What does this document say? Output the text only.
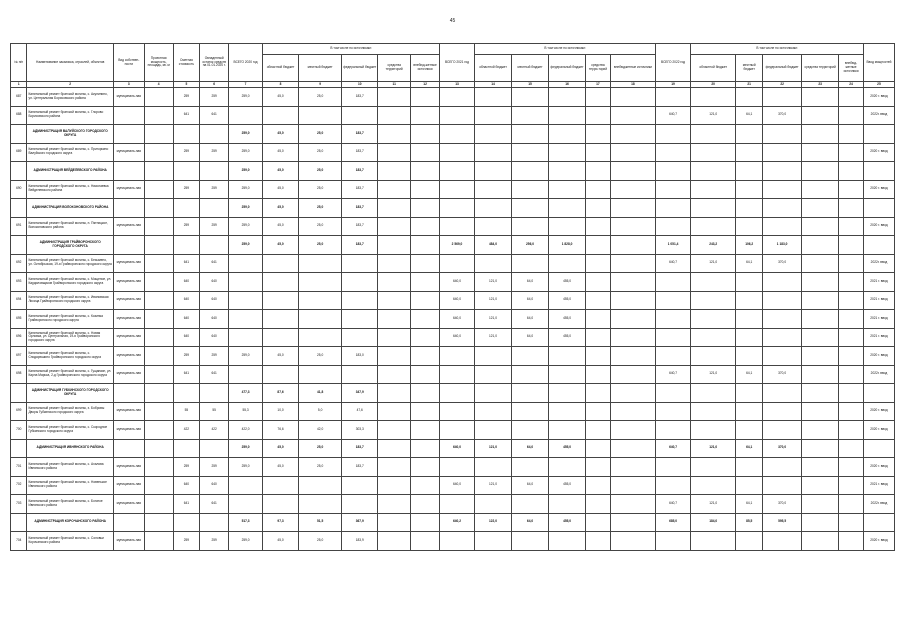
45
№ п/п	Наименование заказчика, отраслей, объектов	Вид собствен-ности	Проектная мощность, площадь, кв. м	Сметная стоимость	Овладенный остаток средств на 01.01.2020 г.	ВСЕГО 2020 год	В том числе по источникам:					ВСЕГО 2021 год	В том числе по источникам:					ВСЕГО 2022 год	В том числе по источникам:					Ввод мощностей
							областной бюджет	местный бюджет	федеральный бюджет	средства территорий	внебюд-жетные источники		областной бюджет	местный бюджет	федеральный бюджет	средства терри-торий	внебюджетные источники		областной бюджет	местный бюджет	федеральный бюджет	средства территорий	внебюд-жетные источники	
1	2	3	4	5	6	7	8	9	10	11	12	13	14	15	16	17	18	19	20	21	22	23	24	25
687	Капитальный ремонт братской могилы, с. Акулинино, ул. Центральная Борисовского района	муниципаль-ная		259	259	259,0	45,0	25,0	183,7															2020 г. ввод
688	Капитальный ремонт братской могилы, с. Глорово Борисовского района			641	641													640,7	121,0	64,1	370,0			2022г. ввод
	АДМИНИСТРАЦИЯ ВАЛУЙСКОГО ГОРОДСКОГО ОКРУГА					259,0	45,0	25,0	183,7															
689	Капитальный ремонт братской могилы, с. Пригоркино Валуйского городского округа	муниципаль-ная		259	259	259,0	45,0	25,0	183,7															2020 г. ввод
	АДМИНИСТРАЦИЯ ВЕЙДЕЛЕВСКОГО РАЙОНА					259,0	45,0	25,0	183,7															
690	Капитальный ремонт братской могилы, с. Николаевка Вейделевского района	муниципаль-ная		259	259	259,0	45,0	25,0	183,7															2020 г. ввод
	АДМИНИСТРАЦИЯ ВОЛОКОНОВСКОГО РАЙОНА					259,0	45,0	25,0	183,7															
691	Капитальный ремонт братской могилы, п. Пятницкое, Волоконовского района	муниципаль-ная		259	259	259,0	45,0	25,0	183,7															2020 г. ввод
	АДМИНИСТРАЦИЯ ГРАЙВОРОНСКОГО ГОРОДСКОГО ОКРУГА					259,0	45,0	25,0	183,7			2 569,0	484,0	256,0	1 828,0			1 051,4	243,2	106,2	1 183,0			
692	Капитальный ремонт братской могилы, с. Безымено, ул. Октябрьская, 19-я Грайворонского городского округа	муниципаль-ная		641	641													640,7	121,0	64,1	370,0			2022г. ввод
693	Капитальный ремонт братской могилы, с. Мощеное, ул. Кардиловщиков Грайворонского городского округа	муниципаль-ная		640	640							640,0	121,0	64,0	455,0									2021 г. ввод
694	Капитальный ремонт братской могилы, с. Ивановская Лисица Грайворонского городского округа	муниципаль-ная		640	640							640,0	121,0	64,0	455,0									2021 г. ввод
695	Капитальный ремонт братской могилы, с. Козинка Грайворонского городского округа	муниципаль-ная		640	640							640,0	121,0	64,0	455,0									2021 г. ввод
696	Капитальный ремонт братской могилы, с. Новая Орловка, ул. Центральная, 19-я Грайворонского городского округа	муниципаль-ная		640	640							640,0	121,0	64,0	455,0									2021 г. ввод
697	Капитальный ремонт братской могилы, с. Сподарюшино Грайворонского городского округа	муниципаль-ная		259	259	259,0	45,0	25,0	183,0															2020 г. ввод
698	Капитальный ремонт братской могилы, с. Гущанкин, ул. Карла Маркса, 2-д Грайворонского городского округа	муниципаль-ная		641	641													640,7	121,0	64,1	370,0			2022г. ввод
	АДМИНИСТРАЦИЯ ГУБКИНСКОГО ГОРОДСКОГО ОКРУГА					477,3	87,6	41,8	347,9															
699	Капитальный ремонт братской могилы, х. Бобровы Дворы Губкинского городского округа	муниципаль-ная		55	55	55,3	10,0	5,0	47,6															2020 г. ввод
700	Капитальный ремонт братской могилы, с. Скородное Губкинского городского округа	муниципаль-ная		422	422	422,0	76,6	42,0	303,3															2020 г. ввод
	АДМИНИСТРАЦИЯ ИВНЯНСКОГО РАЙОНА					259,0	45,0	25,0	183,7			640,0	121,0	64,0	455,0			640,7	121,0	64,1	370,0			
701	Капитальный ремонт братской могилы, с. Ахалова Ивнянского района	муниципаль-ная		259	259	259,0	45,0	25,0	183,7															2020 г. ввод
702	Капитальный ремонт братской могилы, с. Новенькое Ивнянского района	муниципаль-ная		640	640							640,0	121,0	64,0	455,0									2021 г. ввод
703	Капитальный ремонт братской могилы, с. Богатое Ивнянского района	муниципаль-ная		641	641													640,7	121,0	64,1	370,0			2022г. ввод
	АДМИНИСТРАЦИЯ КОРОЧАНСКОГО РАЙОНА					517,3	97,3	51,5	367,9			640,2	122,0	64,0	455,0			685,0	184,0	85,5	595,5			
704	Капитальный ремонт братской могилы, с. Соловьи Корочанского района	муниципаль-ная		259	259	259,0	45,0	25,0	183,9															2020 г. ввод
